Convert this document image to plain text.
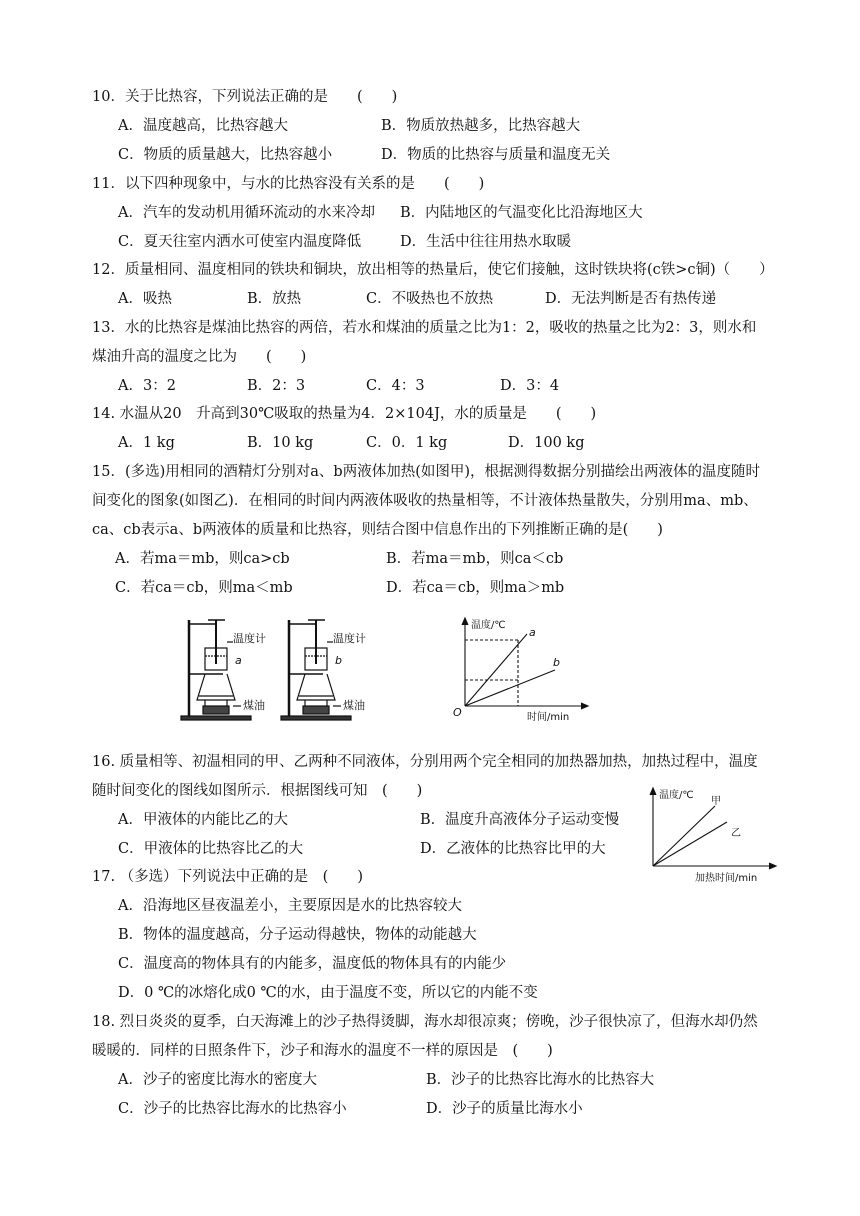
10．关于比热容，下列说法正确的是　　(　　)
A．温度越高，比热容越大	B．物质放热越多，比热容越大
C．物质的质量越大，比热容越小	D．物质的比热容与质量和温度无关
11．以下四种现象中，与水的比热容没有关系的是　　(　　)
A．汽车的发动机用循环流动的水来冷却 B．内陆地区的气温变化比沿海地区大
C．夏天往室内洒水可使室内温度降低	D．生活中往往用热水取暖
12．质量相同、温度相同的铁块和铜块，放出相等的热量后，使它们接触，这时铁块将(c铁>c铜)（　　）
A．吸热	B．放热	C．不吸热也不放热	D．无法判断是否有热传递
13．水的比热容是煤油比热容的两倍，若水和煤油的质量之比为1：2，吸收的热量之比为2：3，则水和
煤油升高的温度之比为　　(　　)
A．3：2	B．2：3	C．4：3	D．3：4
14. 水温从20　升高到30℃吸取的热量为4．2×104J，水的质量是　　(　　)
A．1 kg	B．10 kg	C．0．1 kg	D．100 kg
15．(多选)用相同的酒精灯分别对a、b两液体加热(如图甲)，根据测得数据分别描绘出两液体的温度随时
间变化的图象(如图乙)．在相同的时间内两液体吸收的热量相等，不计液体热量散失，分别用ma、mb、
ca、cb表示a、b两液体的质量和比热容，则结合图中信息作出的下列推断正确的是(　　)
A．若ma＝mb，则ca>cb	B．若ma＝mb，则ca＜cb
C．若ca＝cb，则ma＜mb	D．若ca＝cb，则ma＞mb
温度计
a
煤油
温度计
b
煤油
温度/℃
a
b
O	时间/min
16. 质量相等、初温相同的甲、乙两种不同液体，分别用两个完全相同的加热器加热，加热过程中，温度
随时间变化的图线如图所示．根据图线可知　(　　)
A．甲液体的内能比乙的大	B．温度升高液体分子运动变慢
C．甲液体的比热容比乙的大	D．乙液体的比热容比甲的大
温度/℃
甲
乙
加热时间/min
17. （多选）下列说法中正确的是　(　　)
A．沿海地区昼夜温差小，主要原因是水的比热容较大
B．物体的温度越高，分子运动得越快，物体的动能越大
C．温度高的物体具有的内能多，温度低的物体具有的内能少
D．0 ℃的冰熔化成0 ℃的水，由于温度不变，所以它的内能不变
18. 烈日炎炎的夏季，白天海滩上的沙子热得烫脚，海水却很凉爽；傍晚，沙子很快凉了，但海水却仍然
暖暖的．同样的日照条件下，沙子和海水的温度不一样的原因是　(　　)
A．沙子的密度比海水的密度大	B．沙子的比热容比海水的比热容大
C．沙子的比热容比海水的比热容小	D．沙子的质量比海水小
